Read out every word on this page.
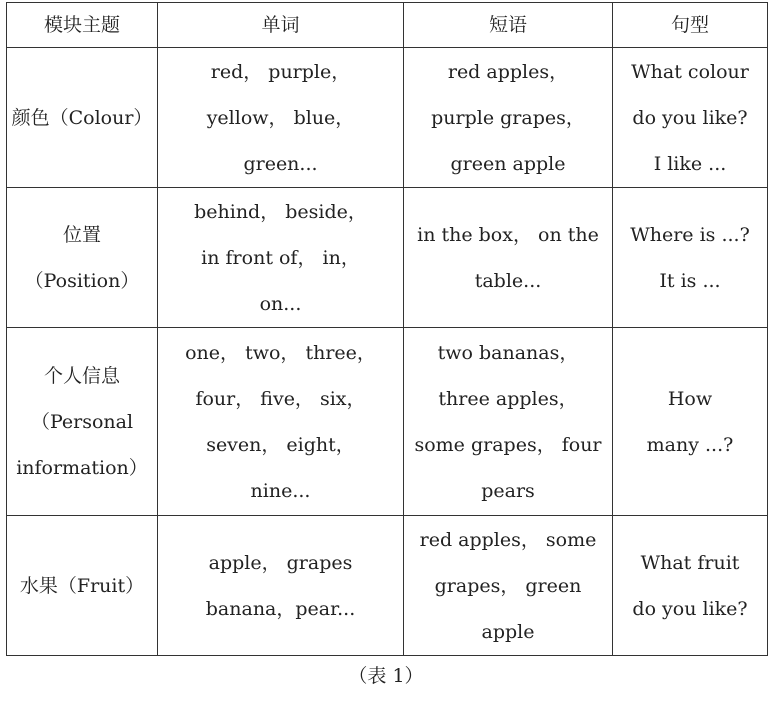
模块主题	单词	短语	句型

颜色（Colour）	red， purple，
yellow， blue，
green...	red apples，
purple grapes，
green apple	What colour
do you like?
I like ...

位置
（Position）	behind， beside，
in front of， in，
on...	in the box， on the
table...	Where is ...?
It is ...

个人信息
（Personal
information）	one， two， three，
four， five， six，
seven， eight，
nine...	two bananas，
three apples，
some grapes， four
pears	How
many ...?

水果（Fruit）	apple， grapes
banana，pear...	red apples， some
grapes， green
apple	What fruit
do you like?
（表 1）
